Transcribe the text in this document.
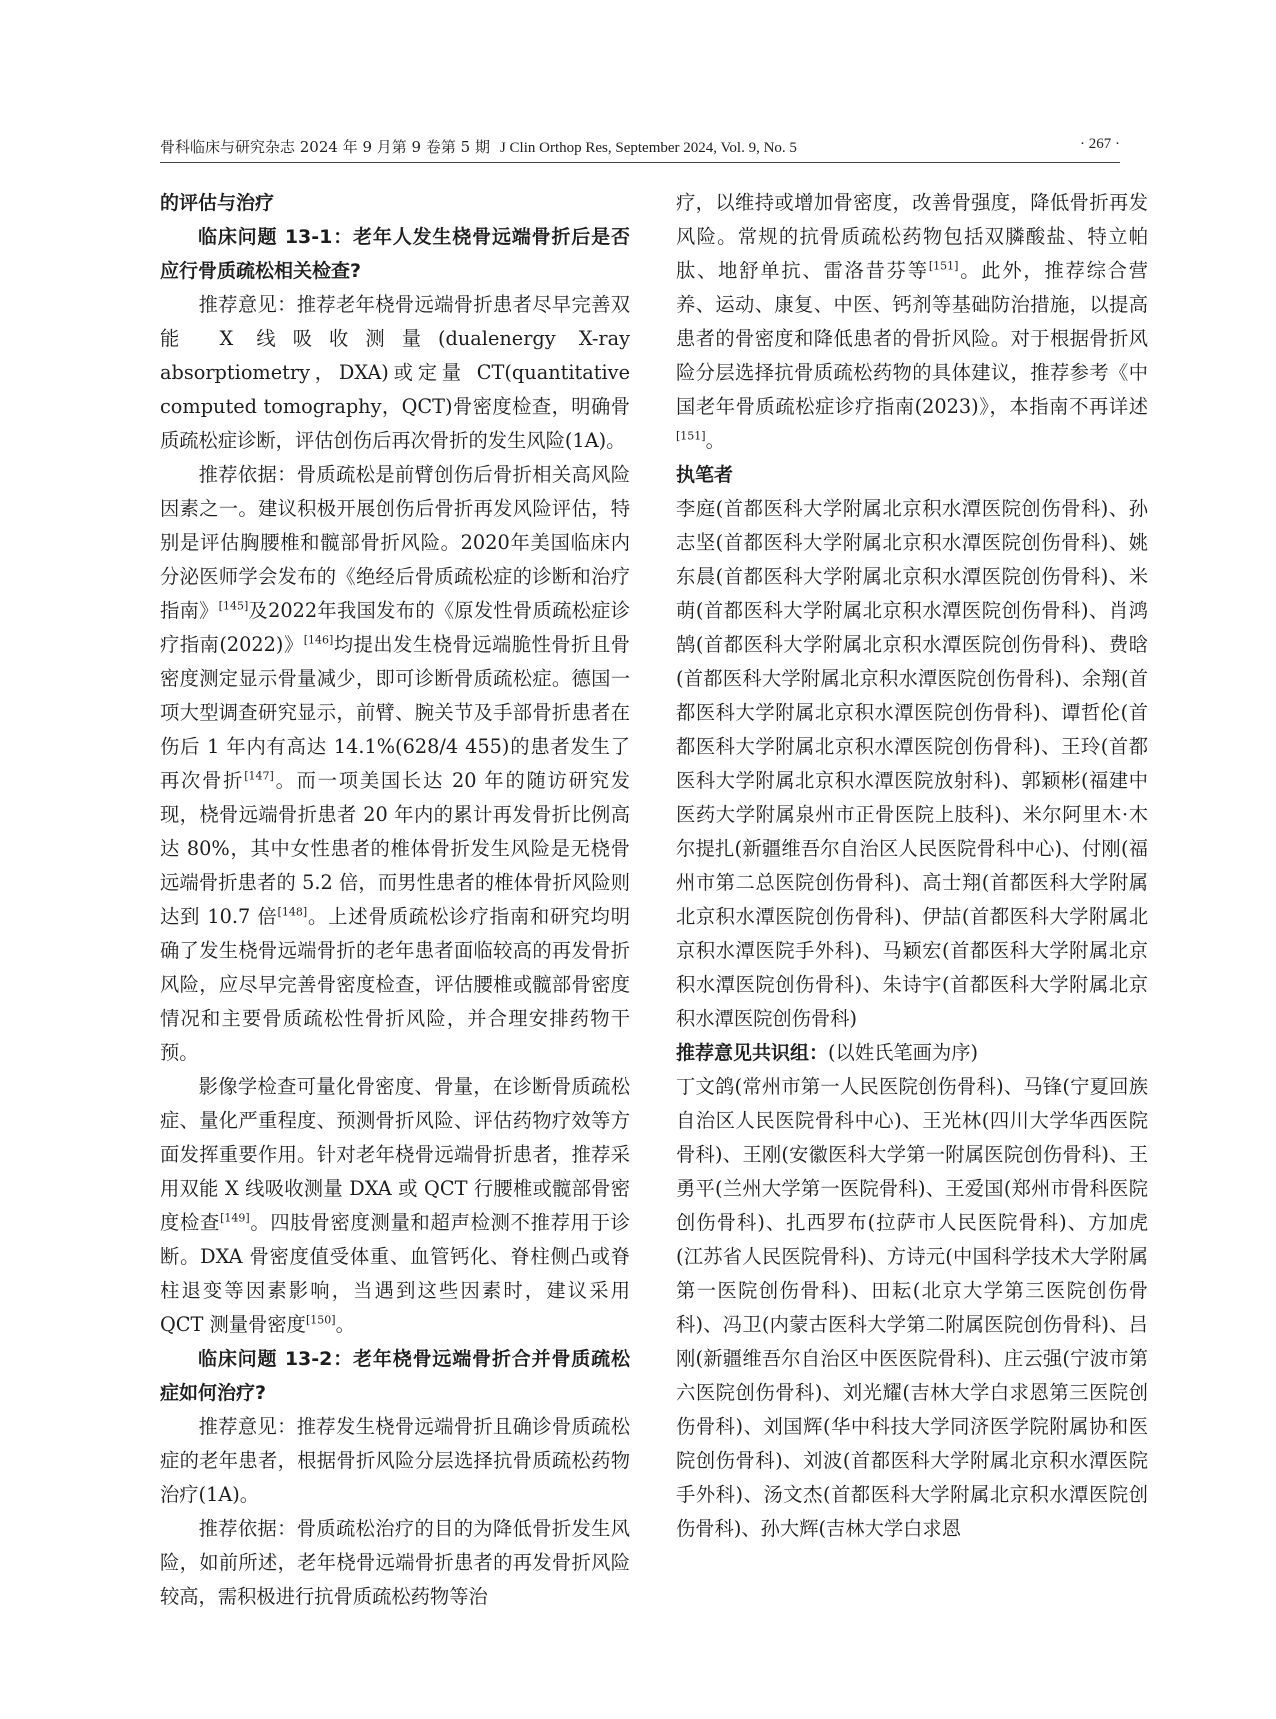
骨科临床与研究杂志 2024 年 9 月第 9 卷第 5 期 J Clin Orthop Res, September 2024, Vol. 9, No. 5	· 267 ·

的评估与治疗

临床问题 13-1：老年人发生桡骨远端骨折后是否应行骨质疏松相关检查?

推荐意见：推荐老年桡骨远端骨折患者尽早完善双能 X 线吸收测量(dualenergy X-ray absorptiometry，DXA)或定量 CT(quantitative computed tomography，QCT)骨密度检查，明确骨质疏松症诊断，评估创伤后再次骨折的发生风险(1A)。

推荐依据：骨质疏松是前臂创伤后骨折相关高风险因素之一。建议积极开展创伤后骨折再发风险评估，特别是评估胸腰椎和髋部骨折风险。2020年美国临床内分泌医师学会发布的《绝经后骨质疏松症的诊断和治疗指南》[145]及2022年我国发布的《原发性骨质疏松症诊疗指南(2022)》[146]均提出发生桡骨远端脆性骨折且骨密度测定显示骨量减少，即可诊断骨质疏松症。德国一项大型调查研究显示，前臂、腕关节及手部骨折患者在伤后 1 年内有高达 14.1%(628/4 455)的患者发生了再次骨折[147]。而一项美国长达 20 年的随访研究发现，桡骨远端骨折患者 20 年内的累计再发骨折比例高达 80%，其中女性患者的椎体骨折发生风险是无桡骨远端骨折患者的 5.2 倍，而男性患者的椎体骨折风险则达到 10.7 倍[148]。上述骨质疏松诊疗指南和研究均明确了发生桡骨远端骨折的老年患者面临较高的再发骨折风险，应尽早完善骨密度检查，评估腰椎或髋部骨密度情况和主要骨质疏松性骨折风险，并合理安排药物干预。

影像学检查可量化骨密度、骨量，在诊断骨质疏松症、量化严重程度、预测骨折风险、评估药物疗效等方面发挥重要作用。针对老年桡骨远端骨折患者，推荐采用双能 X 线吸收测量 DXA 或 QCT 行腰椎或髋部骨密度检查[149]。四肢骨密度测量和超声检测不推荐用于诊断。DXA 骨密度值受体重、血管钙化、脊柱侧凸或脊柱退变等因素影响，当遇到这些因素时，建议采用 QCT 测量骨密度[150]。

临床问题 13-2：老年桡骨远端骨折合并骨质疏松症如何治疗?

推荐意见：推荐发生桡骨远端骨折且确诊骨质疏松症的老年患者，根据骨折风险分层选择抗骨质疏松药物治疗(1A)。

推荐依据：骨质疏松治疗的目的为降低骨折发生风险，如前所述，老年桡骨远端骨折患者的再发骨折风险较高，需积极进行抗骨质疏松药物等治

疗，以维持或增加骨密度，改善骨强度，降低骨折再发风险。常规的抗骨质疏松药物包括双膦酸盐、特立帕肽、地舒单抗、雷洛昔芬等[151]。此外，推荐综合营养、运动、康复、中医、钙剂等基础防治措施，以提高患者的骨密度和降低患者的骨折风险。对于根据骨折风险分层选择抗骨质疏松药物的具体建议，推荐参考《中国老年骨质疏松症诊疗指南(2023)》，本指南不再详述[151]。

执笔者

李庭(首都医科大学附属北京积水潭医院创伤骨科)、孙志坚(首都医科大学附属北京积水潭医院创伤骨科)、姚东晨(首都医科大学附属北京积水潭医院创伤骨科)、米萌(首都医科大学附属北京积水潭医院创伤骨科)、肖鸿鹄(首都医科大学附属北京积水潭医院创伤骨科)、费晗(首都医科大学附属北京积水潭医院创伤骨科)、余翔(首都医科大学附属北京积水潭医院创伤骨科)、谭哲伦(首都医科大学附属北京积水潭医院创伤骨科)、王玲(首都医科大学附属北京积水潭医院放射科)、郭颖彬(福建中医药大学附属泉州市正骨医院上肢科)、米尔阿里木·木尔提扎(新疆维吾尔自治区人民医院骨科中心)、付刚(福州市第二总医院创伤骨科)、高士翔(首都医科大学附属北京积水潭医院创伤骨科)、伊喆(首都医科大学附属北京积水潭医院手外科)、马颖宏(首都医科大学附属北京积水潭医院创伤骨科)、朱诗宇(首都医科大学附属北京积水潭医院创伤骨科)

推荐意见共识组：(以姓氏笔画为序)

丁文鸽(常州市第一人民医院创伤骨科)、马锋(宁夏回族自治区人民医院骨科中心)、王光林(四川大学华西医院骨科)、王刚(安徽医科大学第一附属医院创伤骨科)、王勇平(兰州大学第一医院骨科)、王爱国(郑州市骨科医院创伤骨科)、扎西罗布(拉萨市人民医院骨科)、方加虎(江苏省人民医院骨科)、方诗元(中国科学技术大学附属第一医院创伤骨科)、田耘(北京大学第三医院创伤骨科)、冯卫(内蒙古医科大学第二附属医院创伤骨科)、吕刚(新疆维吾尔自治区中医医院骨科)、庄云强(宁波市第六医院创伤骨科)、刘光耀(吉林大学白求恩第三医院创伤骨科)、刘国辉(华中科技大学同济医学院附属协和医院创伤骨科)、刘波(首都医科大学附属北京积水潭医院手外科)、汤文杰(首都医科大学附属北京积水潭医院创伤骨科)、孙大辉(吉林大学白求恩
